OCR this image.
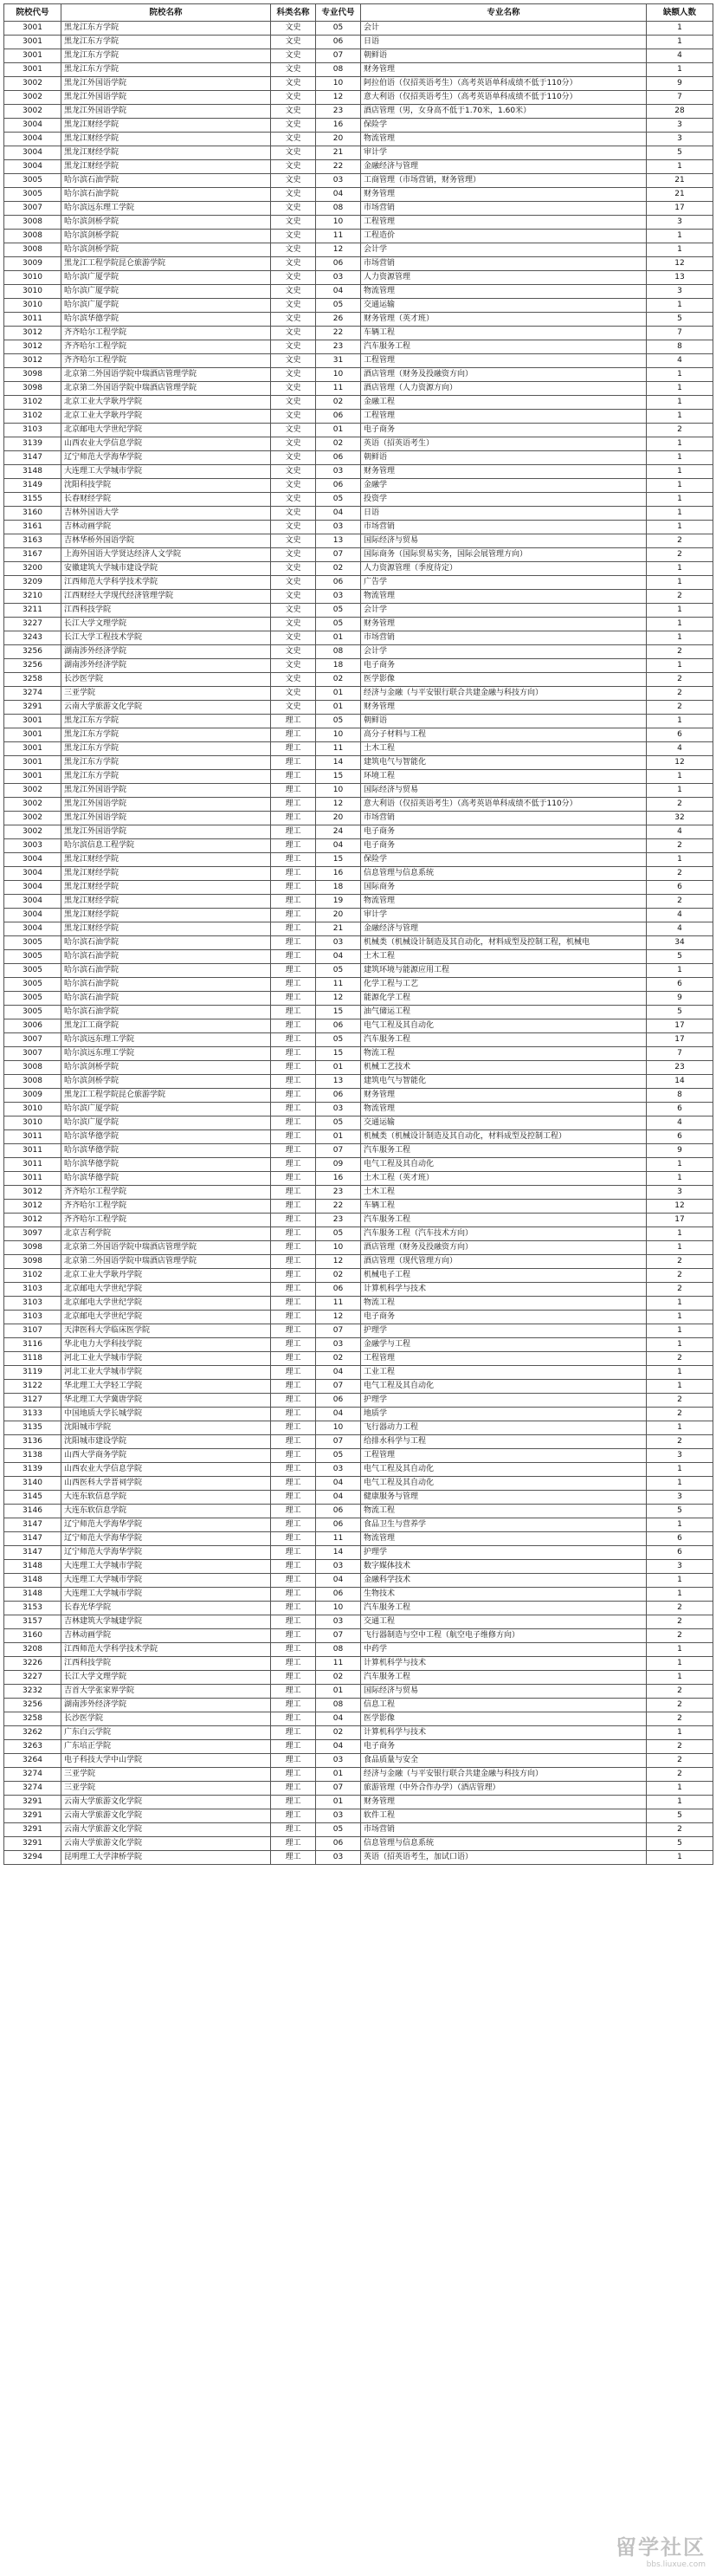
院校代号	院校名称	科类名称	专业代号	专业名称	缺额人数
3001	黑龙江东方学院	文史	05	会计	1
3001	黑龙江东方学院	文史	06	日语	1
3001	黑龙江东方学院	文史	07	朝鲜语	4
3001	黑龙江东方学院	文史	08	财务管理	1
3002	黑龙江外国语学院	文史	10	阿拉伯语（仅招英语考生）（高考英语单科成绩不低于110分）	9
3002	黑龙江外国语学院	文史	12	意大利语（仅招英语考生）（高考英语单科成绩不低于110分）	7
3002	黑龙江外国语学院	文史	23	酒店管理（男，女身高不低于1.70米，1.60米）	28
3004	黑龙江财经学院	文史	16	保险学	3
3004	黑龙江财经学院	文史	20	物流管理	3
3004	黑龙江财经学院	文史	21	审计学	5
3004	黑龙江财经学院	文史	22	金融经济与管理	1
3005	哈尔滨石油学院	文史	03	工商管理（市场营销，财务管理）	21
3005	哈尔滨石油学院	文史	04	财务管理	21
3007	哈尔滨远东理工学院	文史	08	市场营销	17
3008	哈尔滨剑桥学院	文史	10	工程管理	3
3008	哈尔滨剑桥学院	文史	11	工程造价	1
3008	哈尔滨剑桥学院	文史	12	会计学	1
3009	黑龙江工程学院昆仑旅游学院	文史	06	市场营销	12
3010	哈尔滨广厦学院	文史	03	人力资源管理	13
3010	哈尔滨广厦学院	文史	04	物流管理	3
3010	哈尔滨广厦学院	文史	05	交通运输	1
3011	哈尔滨华德学院	文史	26	财务管理（英才班）	5
3012	齐齐哈尔工程学院	文史	22	车辆工程	7
3012	齐齐哈尔工程学院	文史	23	汽车服务工程	8
3012	齐齐哈尔工程学院	文史	31	工程管理	4
3098	北京第二外国语学院中瑞酒店管理学院	文史	10	酒店管理（财务及投融资方向）	1
3098	北京第二外国语学院中瑞酒店管理学院	文史	11	酒店管理（人力资源方向）	1
3102	北京工业大学耿丹学院	文史	02	金融工程	1
3102	北京工业大学耿丹学院	文史	06	工程管理	1
3103	北京邮电大学世纪学院	文史	01	电子商务	2
3139	山西农业大学信息学院	文史	02	英语（招英语考生）	1
3147	辽宁师范大学海华学院	文史	06	朝鲜语	1
3148	大连理工大学城市学院	文史	03	财务管理	1
3149	沈阳科技学院	文史	06	金融学	1
3155	长春财经学院	文史	05	投资学	1
3160	吉林外国语大学	文史	04	日语	1
3161	吉林动画学院	文史	03	市场营销	1
3163	吉林华桥外国语学院	文史	13	国际经济与贸易	2
3167	上海外国语大学贤达经济人文学院	文史	07	国际商务（国际贸易实务，国际会展管理方向）	2
3200	安徽建筑大学城市建设学院	文史	02	人力资源管理（季度待定）	1
3209	江西师范大学科学技术学院	文史	06	广告学	1
3210	江西财经大学现代经济管理学院	文史	03	物流管理	2
3211	江西科技学院	文史	05	会计学	1
3227	长江大学文理学院	文史	05	财务管理	1
3243	长江大学工程技术学院	文史	01	市场营销	1
3256	湖南涉外经济学院	文史	08	会计学	2
3256	湖南涉外经济学院	文史	18	电子商务	1
3258	长沙医学院	文史	02	医学影像	2
3274	三亚学院	文史	01	经济与金融（与平安银行联合共建金融与科技方向）	2
3291	云南大学旅游文化学院	文史	01	财务管理	2
3001	黑龙江东方学院	理工	05	朝鲜语	1
3001	黑龙江东方学院	理工	10	高分子材料与工程	6
3001	黑龙江东方学院	理工	11	土木工程	4
3001	黑龙江东方学院	理工	14	建筑电气与智能化	12
3001	黑龙江东方学院	理工	15	环境工程	1
3002	黑龙江外国语学院	理工	10	国际经济与贸易	1
3002	黑龙江外国语学院	理工	12	意大利语（仅招英语考生）（高考英语单科成绩不低于110分）	2
3002	黑龙江外国语学院	理工	20	市场营销	32
3002	黑龙江外国语学院	理工	24	电子商务	4
3003	哈尔滨信息工程学院	理工	04	电子商务	2
3004	黑龙江财经学院	理工	15	保险学	1
3004	黑龙江财经学院	理工	16	信息管理与信息系统	2
3004	黑龙江财经学院	理工	18	国际商务	6
3004	黑龙江财经学院	理工	19	物流管理	2
3004	黑龙江财经学院	理工	20	审计学	4
3004	黑龙江财经学院	理工	21	金融经济与管理	4
3005	哈尔滨石油学院	理工	03	机械类（机械设计制造及其自动化，材料成型及控制工程，机械电	34
3005	哈尔滨石油学院	理工	04	土木工程	5
3005	哈尔滨石油学院	理工	05	建筑环境与能源应用工程	1
3005	哈尔滨石油学院	理工	11	化学工程与工艺	6
3005	哈尔滨石油学院	理工	12	能源化学工程	9
3005	哈尔滨石油学院	理工	15	油气储运工程	5
3006	黑龙江工商学院	理工	06	电气工程及其自动化	17
3007	哈尔滨远东理工学院	理工	05	汽车服务工程	17
3007	哈尔滨远东理工学院	理工	15	物流工程	7
3008	哈尔滨剑桥学院	理工	01	机械工艺技术	23
3008	哈尔滨剑桥学院	理工	13	建筑电气与智能化	14
3009	黑龙江工程学院昆仑旅游学院	理工	06	财务管理	8
3010	哈尔滨广厦学院	理工	03	物流管理	6
3010	哈尔滨广厦学院	理工	05	交通运输	4
3011	哈尔滨华德学院	理工	01	机械类（机械设计制造及其自动化，材料成型及控制工程）	6
3011	哈尔滨华德学院	理工	07	汽车服务工程	9
3011	哈尔滨华德学院	理工	09	电气工程及其自动化	1
3011	哈尔滨华德学院	理工	16	土木工程（英才班）	1
3012	齐齐哈尔工程学院	理工	23	土木工程	3
3012	齐齐哈尔工程学院	理工	22	车辆工程	12
3012	齐齐哈尔工程学院	理工	23	汽车服务工程	17
3097	北京吉利学院	理工	05	汽车服务工程（汽车技术方向）	1
3098	北京第二外国语学院中瑞酒店管理学院	理工	10	酒店管理（财务及投融资方向）	1
3098	北京第二外国语学院中瑞酒店管理学院	理工	12	酒店管理（现代管理方向）	2
3102	北京工业大学耿丹学院	理工	02	机械电子工程	2
3103	北京邮电大学世纪学院	理工	06	计算机科学与技术	2
3103	北京邮电大学世纪学院	理工	11	物流工程	1
3103	北京邮电大学世纪学院	理工	12	电子商务	1
3107	天津医科大学临床医学院	理工	07	护理学	1
3116	华北电力大学科技学院	理工	03	金融学与工程	1
3118	河北工业大学城市学院	理工	02	工程管理	2
3119	河北工业大学城市学院	理工	04	工业工程	1
3122	华北理工大学轻工学院	理工	07	电气工程及其自动化	1
3127	华北理工大学冀唐学院	理工	06	护理学	2
3133	中国地质大学长城学院	理工	04	地质学	2
3135	沈阳城市学院	理工	10	飞行器动力工程	1
3136	沈阳城市建设学院	理工	07	给排水科学与工程	2
3138	山西大学商务学院	理工	05	工程管理	3
3139	山西农业大学信息学院	理工	03	电气工程及其自动化	1
3140	山西医科大学晋祠学院	理工	04	电气工程及其自动化	1
3145	大连东软信息学院	理工	04	健康服务与管理	3
3146	大连东软信息学院	理工	06	物流工程	5
3147	辽宁师范大学海华学院	理工	06	食品卫生与营养学	1
3147	辽宁师范大学海华学院	理工	11	物流管理	6
3147	辽宁师范大学海华学院	理工	14	护理学	6
3148	大连理工大学城市学院	理工	03	数字媒体技术	3
3148	大连理工大学城市学院	理工	04	金融科学技术	1
3148	大连理工大学城市学院	理工	06	生物技术	1
3153	长春光华学院	理工	10	汽车服务工程	2
3157	吉林建筑大学城建学院	理工	03	交通工程	2
3160	吉林动画学院	理工	07	飞行器制造与空中工程（航空电子维修方向）	2
3208	江西师范大学科学技术学院	理工	08	中药学	1
3226	江西科技学院	理工	11	计算机科学与技术	1
3227	长江大学文理学院	理工	02	汽车服务工程	1
3232	吉首大学张家界学院	理工	01	国际经济与贸易	2
3256	湖南涉外经济学院	理工	08	信息工程	2
3258	长沙医学院	理工	04	医学影像	2
3262	广东白云学院	理工	02	计算机科学与技术	1
3263	广东培正学院	理工	04	电子商务	2
3264	电子科技大学中山学院	理工	03	食品质量与安全	2
3274	三亚学院	理工	01	经济与金融（与平安银行联合共建金融与科技方向）	2
3274	三亚学院	理工	07	旅游管理（中外合作办学）（酒店管理）	1
3291	云南大学旅游文化学院	理工	01	财务管理	1
3291	云南大学旅游文化学院	理工	03	软件工程	5
3291	云南大学旅游文化学院	理工	05	市场营销	2
3291	云南大学旅游文化学院	理工	06	信息管理与信息系统	5
3294	昆明理工大学津桥学院	理工	03	英语（招英语考生，加试口语）	1
留学社区
bbs.liuxue.com
